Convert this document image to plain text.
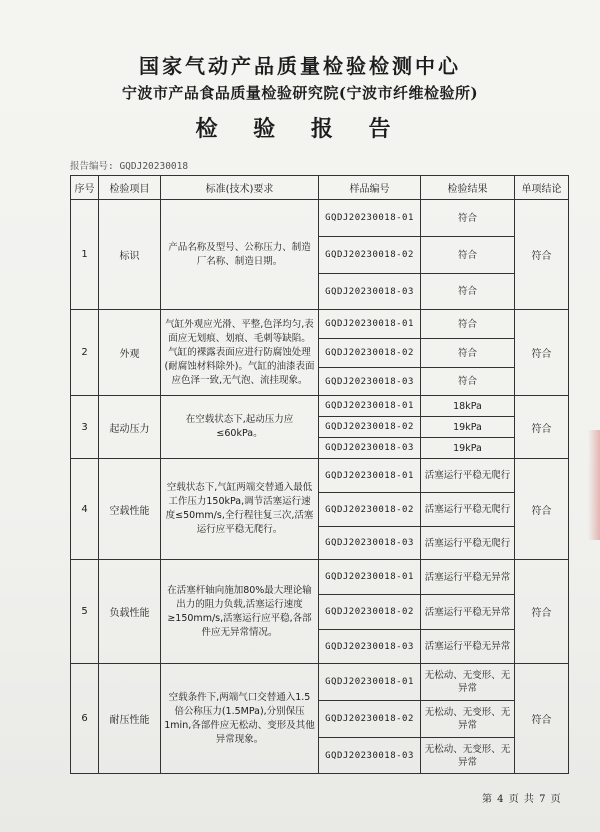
国家气动产品质量检验检测中心
宁波市产品食品质量检验研究院(宁波市纤维检验所)
检 验 报 告
报告编号: GQDJ20230018
序号	检验项目	标准(技术)要求	样品编号	检验结果	单项结论
1	标识	产品名称及型号、公称压力、制造厂名称、制造日期。	GQDJ20230018-01	符合	符合
			GQDJ20230018-02	符合	
			GQDJ20230018-03	符合	
2	外观	气缸外观应光滑、平整,色泽均匀,表面应无划痕、划痕、毛刺等缺陷。气缸的裸露表面应进行防腐蚀处理(耐腐蚀材料除外)。气缸的油漆表面应色泽一致,无气泡、流挂现象。	GQDJ20230018-01	符合	符合
			GQDJ20230018-02	符合	
			GQDJ20230018-03	符合	
3	起动压力	在空载状态下,起动压力应≤60kPa。	GQDJ20230018-01	18kPa	符合
			GQDJ20230018-02	19kPa	
			GQDJ20230018-03	19kPa	
4	空载性能	空载状态下,气缸两端交替通入最低工作压力150kPa,调节活塞运行速度≤50mm/s,全行程往复三次,活塞运行应平稳无爬行。	GQDJ20230018-01	活塞运行平稳无爬行	符合
			GQDJ20230018-02	活塞运行平稳无爬行	
			GQDJ20230018-03	活塞运行平稳无爬行	
5	负载性能	在活塞杆轴向施加80%最大理论输出力的阻力负载,活塞运行速度≥150mm/s,活塞运行应平稳,各部件应无异常情况。	GQDJ20230018-01	活塞运行平稳无异常	符合
			GQDJ20230018-02	活塞运行平稳无异常	
			GQDJ20230018-03	活塞运行平稳无异常	
6	耐压性能	空载条件下,两端气口交替通入1.5倍公称压力(1.5MPa),分别保压1min,各部件应无松动、变形及其他异常现象。	GQDJ20230018-01	无松动、无变形、无异常	符合
			GQDJ20230018-02	无松动、无变形、无异常	
			GQDJ20230018-03	无松动、无变形、无异常	
第 4 页 共 7 页
